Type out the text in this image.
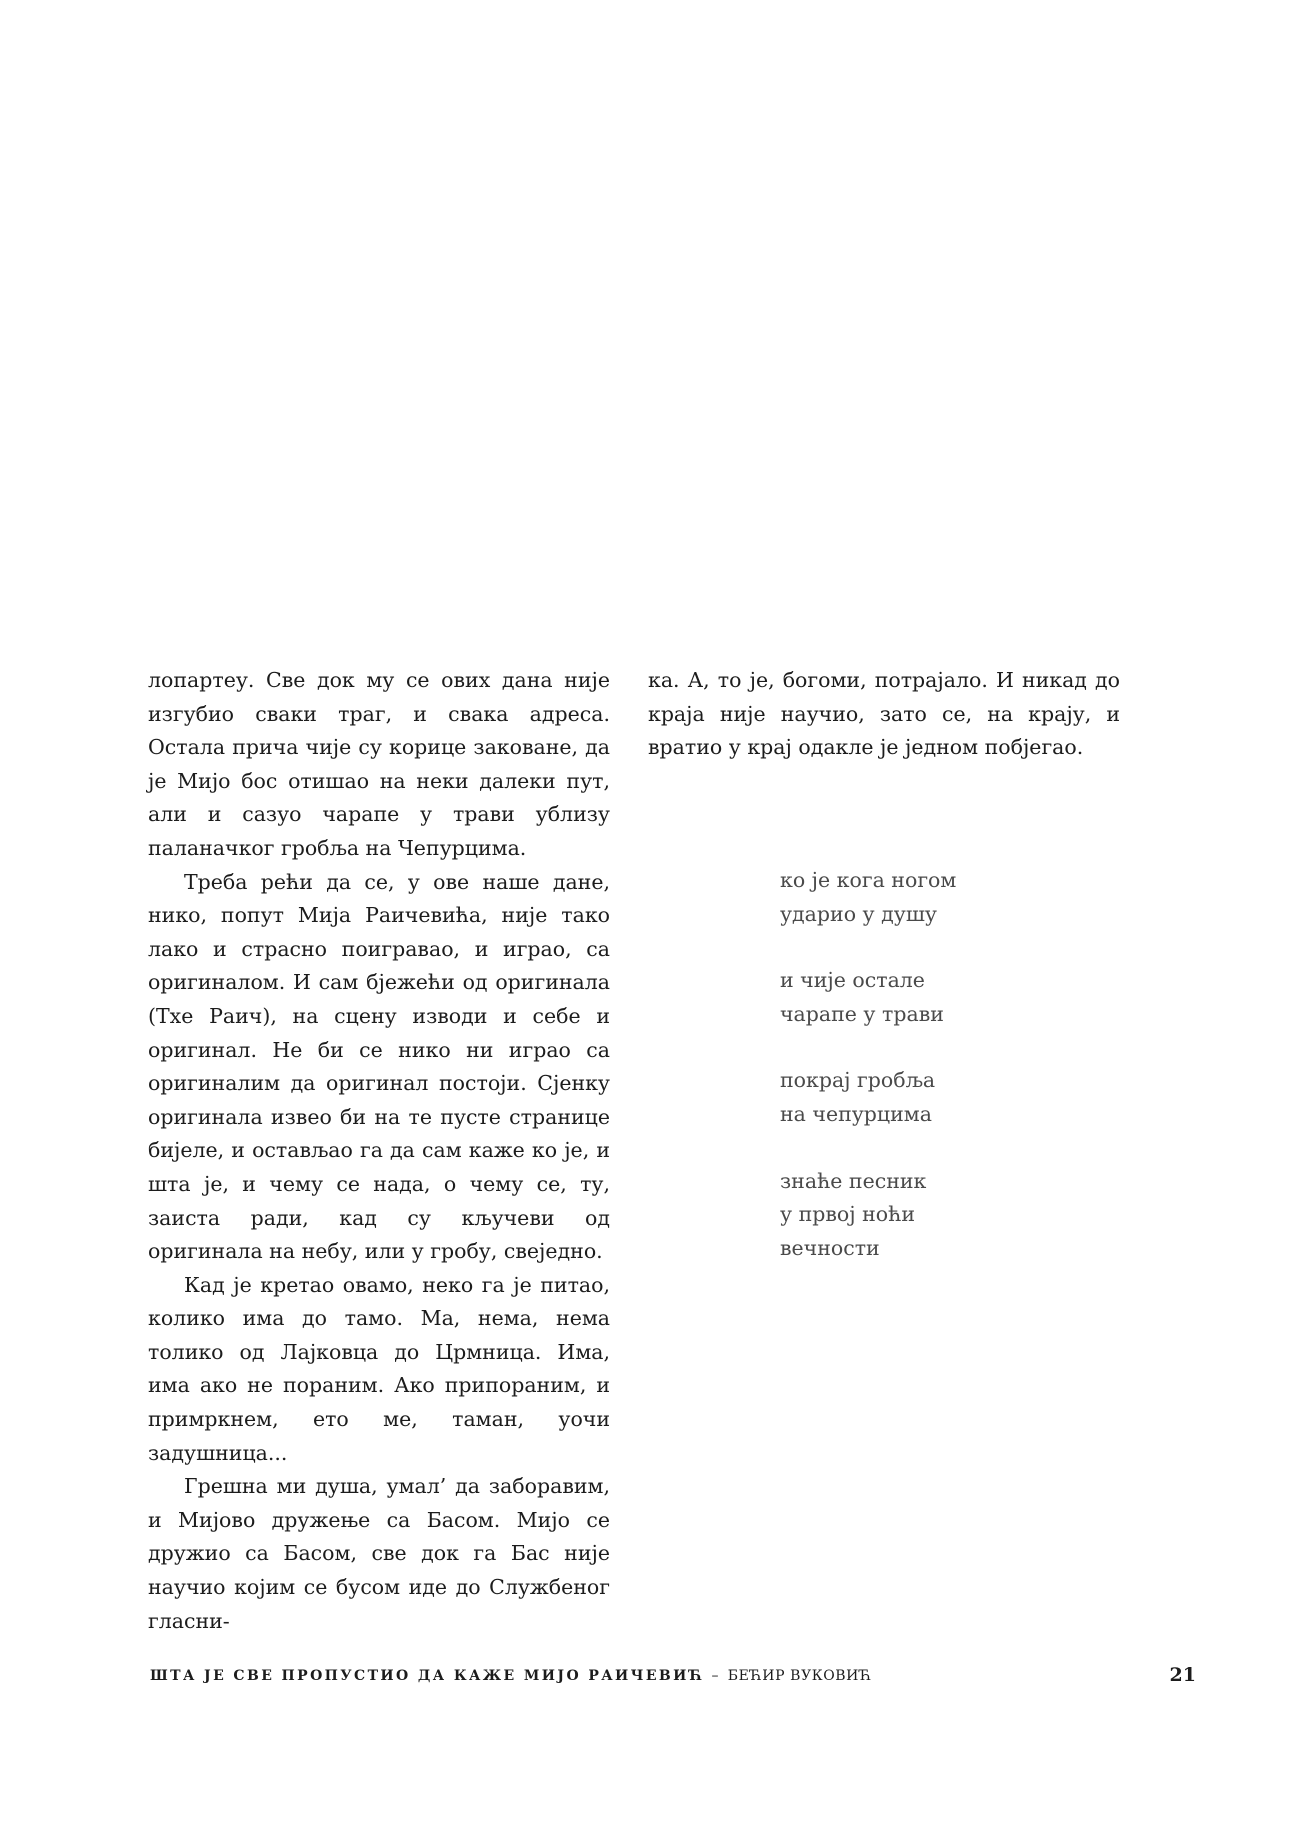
лопартеу. Све док му се ових дана није изгубио сваки траг, и свака адреса. Остала прича чије су корице заковане, да је Мијо бос отишао на неки далеки пут, али и сазуо чарапе у трави ублизу паланачког гробља на Чепурцима.

Треба рећи да се, у ове наше дане, нико, попут Мија Раичевића, није тако лако и страсно поигравао, и играо, са оригиналом. И сам бјежећи од оригинала (Тхе Раич), на сцену изводи и себе и оригинал. Не би се нико ни играо са оригиналим да оригинал постоји. Сјенку оригинала извео би на те пусте странице бијеле, и остављао га да сам каже ко је, и шта је, и чему се нада, о чему се, ту, заиста ради, кад су кључеви од оригинала на небу, или у гробу, свеједно.

Кад је кретао овамо, неко га је питао, колико има до тамо. Ма, нема, нема толико од Лајковца до Црмница. Има, има ако не пораним. Ако припораним, и примркнем, ето ме, таман, уочи задушница...

Грешна ми душа, умал’ да заборавим, и Мијово дружење са Басом. Мијо се дружио са Басом, све док га Бас није научио којим се бусом иде до Службеног гласни-

ка. А, то је, богоми, потрајало. И никад до краја није научио, зато се, на крају, и вратио у крај одакле је једном побјегао.

ко је кога ногом
ударио у душу
и чије остале
чарапе у трави
покрај гробља
на чепурцима
знаће песник
у првој ноћи
вечности
ШТА ЈЕ СВЕ ПРОПУСТИО ДА КАЖЕ МИЈО РАИЧЕВИЋ – БЕЋИР ВУКОВИЋ	21
